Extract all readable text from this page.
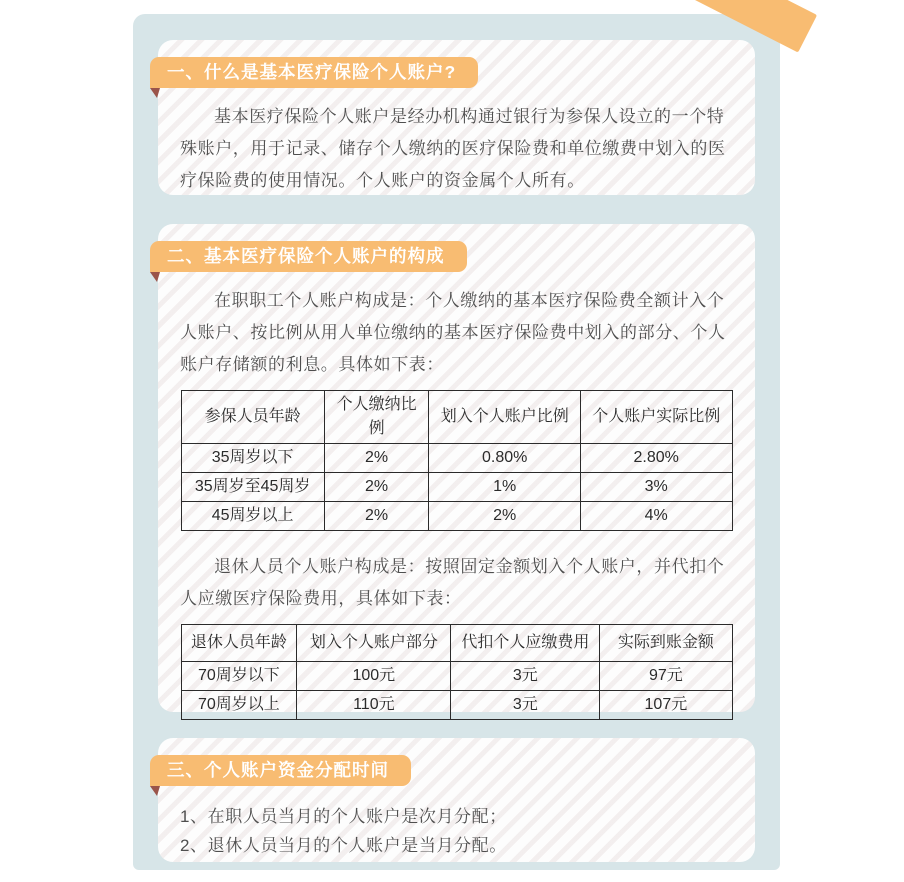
一、什么是基本医疗保险个人账户?

基本医疗保险个人账户是经办机构通过银行为参保人设立的一个特殊账户，用于记录、储存个人缴纳的医疗保险费和单位缴费中划入的医疗保险费的使用情况。个人账户的资金属个人所有。

二、基本医疗保险个人账户的构成

在职职工个人账户构成是：个人缴纳的基本医疗保险费全额计入个人账户、按比例从用人单位缴纳的基本医疗保险费中划入的部分、个人账户存储额的利息。具体如下表：

参保人员年龄	个人缴纳比例	划入个人账户比例	个人账户实际比例
35周岁以下	2%	0.80%	2.80%
35周岁至45周岁	2%	1%	3%
45周岁以上	2%	2%	4%

退休人员个人账户构成是：按照固定金额划入个人账户，并代扣个人应缴医疗保险费用，具体如下表：

退休人员年龄	划入个人账户部分	代扣个人应缴费用	实际到账金额
70周岁以下	100元	3元	97元
70周岁以上	110元	3元	107元
三、个人账户资金分配时间
1、在职人员当月的个人账户是次月分配；
2、退休人员当月的个人账户是当月分配。
